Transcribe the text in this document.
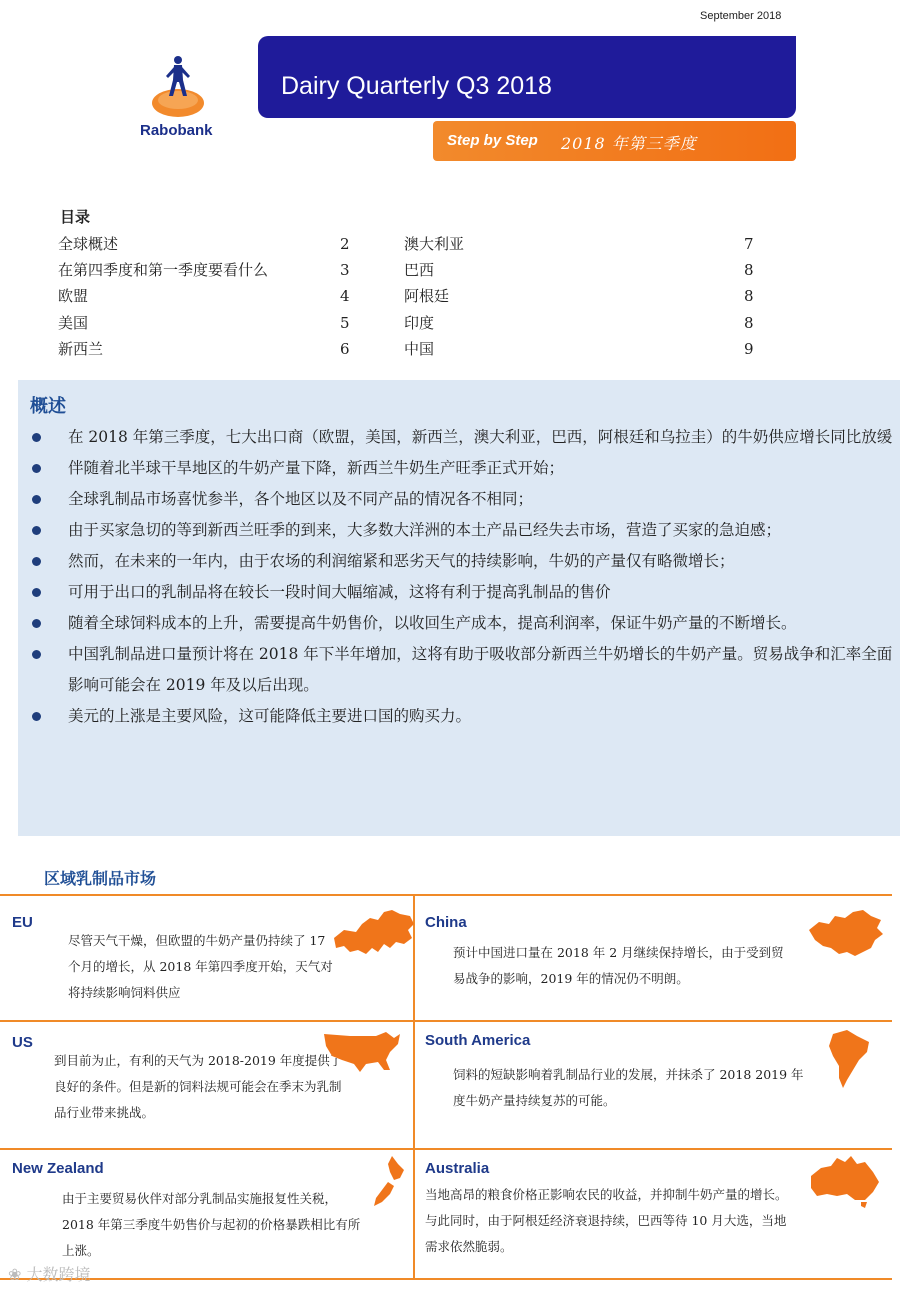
September 2018
Rabobank
Dairy Quarterly Q3 2018
Step by Step 2018 年第三季度
目录
全球概述	2
在第四季度和第一季度要看什么	3
欧盟	4
美国	5
新西兰	6
澳大利亚	7
巴西	8
阿根廷	8
印度	8
中国	9
概述
在 2018 年第三季度，七大出口商（欧盟，美国，新西兰，澳大利亚，巴西，阿根廷和乌拉圭）的牛奶供应增长同比放缓
伴随着北半球干旱地区的牛奶产量下降，新西兰牛奶生产旺季正式开始；
全球乳制品市场喜忧参半，各个地区以及不同产品的情况各不相同；
由于买家急切的等到新西兰旺季的到来，大多数大洋洲的本土产品已经失去市场，营造了买家的急迫感；
然而，在未来的一年内，由于农场的利润缩紧和恶劣天气的持续影响，牛奶的产量仅有略微增长；
可用于出口的乳制品将在较长一段时间大幅缩减，这将有利于提高乳制品的售价
随着全球饲料成本的上升，需要提高牛奶售价，以收回生产成本，提高利润率，保证牛奶产量的不断增长。
中国乳制品进口量预计将在 2018 年下半年增加，这将有助于吸收部分新西兰牛奶增长的牛奶产量。贸易战争和汇率全面影响可能会在 2019 年及以后出现。
美元的上涨是主要风险，这可能降低主要进口国的购买力。
区域乳制品市场
EU
尽管天气干燥，但欧盟的牛奶产量仍持续了 17 个月的增长，从 2018 年第四季度开始，天气对将持续影响饲料供应
China
预计中国进口量在 2018 年 2 月继续保持增长，由于受到贸易战争的影响，2019 年的情况仍不明朗。
US
到目前为止，有利的天气为 2018-2019 年度提供了良好的条件。但是新的饲料法规可能会在季末为乳制品行业带来挑战。
South America
饲料的短缺影响着乳制品行业的发展，并抹杀了 2018 2019 年度牛奶产量持续复苏的可能。
New Zealand
由于主要贸易伙伴对部分乳制品实施报复性关税，2018 年第三季度牛奶售价与起初的价格暴跌相比有所上涨。
Australia
当地高昂的粮食价格正影响农民的收益，并抑制牛奶产量的增长。与此同时，由于阿根廷经济衰退持续，巴西等待 10 月大选，当地需求依然脆弱。
❀ 大数跨境
